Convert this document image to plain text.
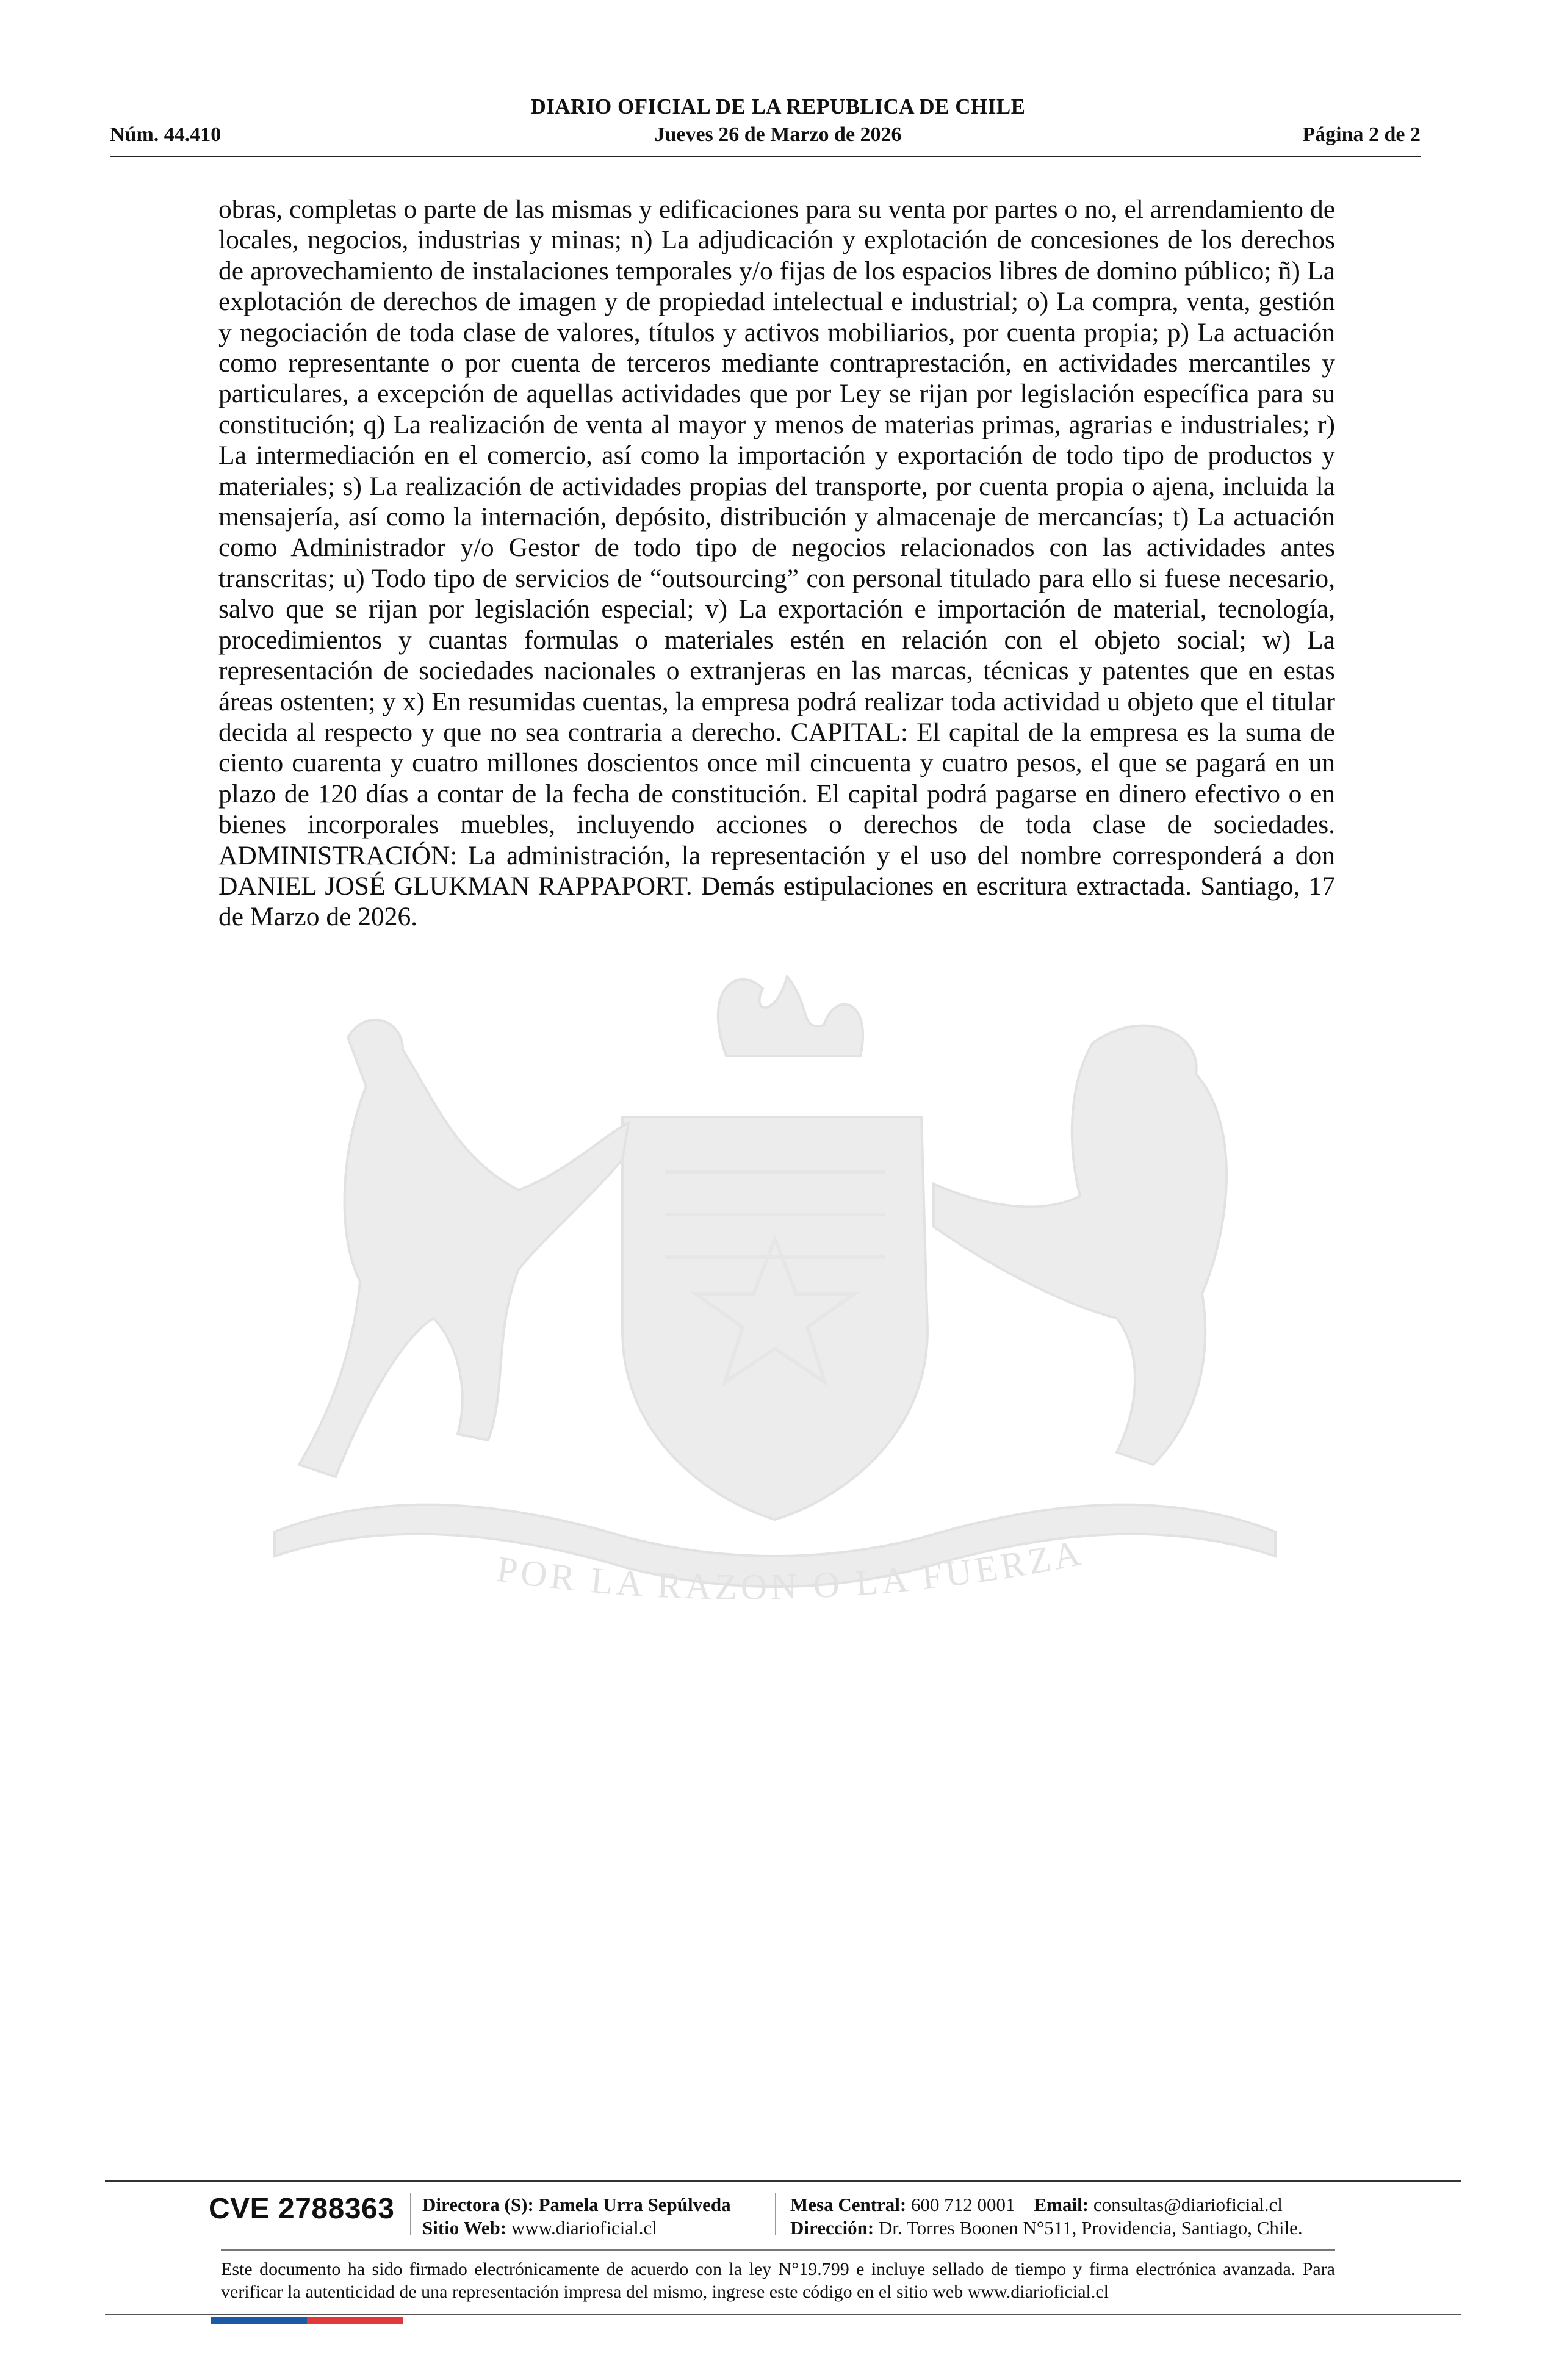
DIARIO OFICIAL DE LA REPUBLICA DE CHILE
Núm. 44.410	Jueves 26 de Marzo de 2026	Página 2 de 2
POR LA RAZON O LA FUERZA
obras, completas o parte de las mismas y edificaciones para su venta por partes o no, el arrendamiento de locales, negocios, industrias y minas; n) La adjudicación y explotación de concesiones de los derechos de aprovechamiento de instalaciones temporales y/o fijas de los espacios libres de domino público; ñ) La explotación de derechos de imagen y de propiedad intelectual e industrial; o) La compra, venta, gestión y negociación de toda clase de valores, títulos y activos mobiliarios, por cuenta propia; p) La actuación como representante o por cuenta de terceros mediante contraprestación, en actividades mercantiles y particulares, a excepción de aquellas actividades que por Ley se rijan por legislación específica para su constitución; q) La realización de venta al mayor y menos de materias primas, agrarias e industriales; r) La intermediación en el comercio, así como la importación y exportación de todo tipo de productos y materiales; s) La realización de actividades propias del transporte, por cuenta propia o ajena, incluida la mensajería, así como la internación, depósito, distribución y almacenaje de mercancías; t) La actuación como Administrador y/o Gestor de todo tipo de negocios relacionados con las actividades antes transcritas; u) Todo tipo de servicios de “outsourcing” con personal titulado para ello si fuese necesario, salvo que se rijan por legislación especial; v) La exportación e importación de material, tecnología, procedimientos y cuantas formulas o materiales estén en relación con el objeto social; w) La representación de sociedades nacionales o extranjeras en las marcas, técnicas y patentes que en estas áreas ostenten; y x) En resumidas cuentas, la empresa podrá realizar toda actividad u objeto que el titular decida al respecto y que no sea contraria a derecho. CAPITAL: El capital de la empresa es la suma de ciento cuarenta y cuatro millones doscientos once mil cincuenta y cuatro pesos, el que se pagará en un plazo de 120 días a contar de la fecha de constitución. El capital podrá pagarse en dinero efectivo o en bienes incorporales muebles, incluyendo acciones o derechos de toda clase de sociedades. ADMINISTRACIÓN: La administración, la representación y el uso del nombre corresponderá a don DANIEL JOSÉ GLUKMAN RAPPAPORT. Demás estipulaciones en escritura extractada. Santiago, 17 de Marzo de 2026.
CVE 2788363 Directora (S): Pamela Urra Sepúlveda
Sitio Web: www.diarioficial.cl
Mesa Central: 600 712 0001 Email: consultas@diarioficial.cl
Dirección: Dr. Torres Boonen N°511, Providencia, Santiago, Chile.
Este documento ha sido firmado electrónicamente de acuerdo con la ley N°19.799 e incluye sellado de tiempo y firma electrónica avanzada. Para verificar la autenticidad de una representación impresa del mismo, ingrese este código en el sitio web www.diarioficial.cl
